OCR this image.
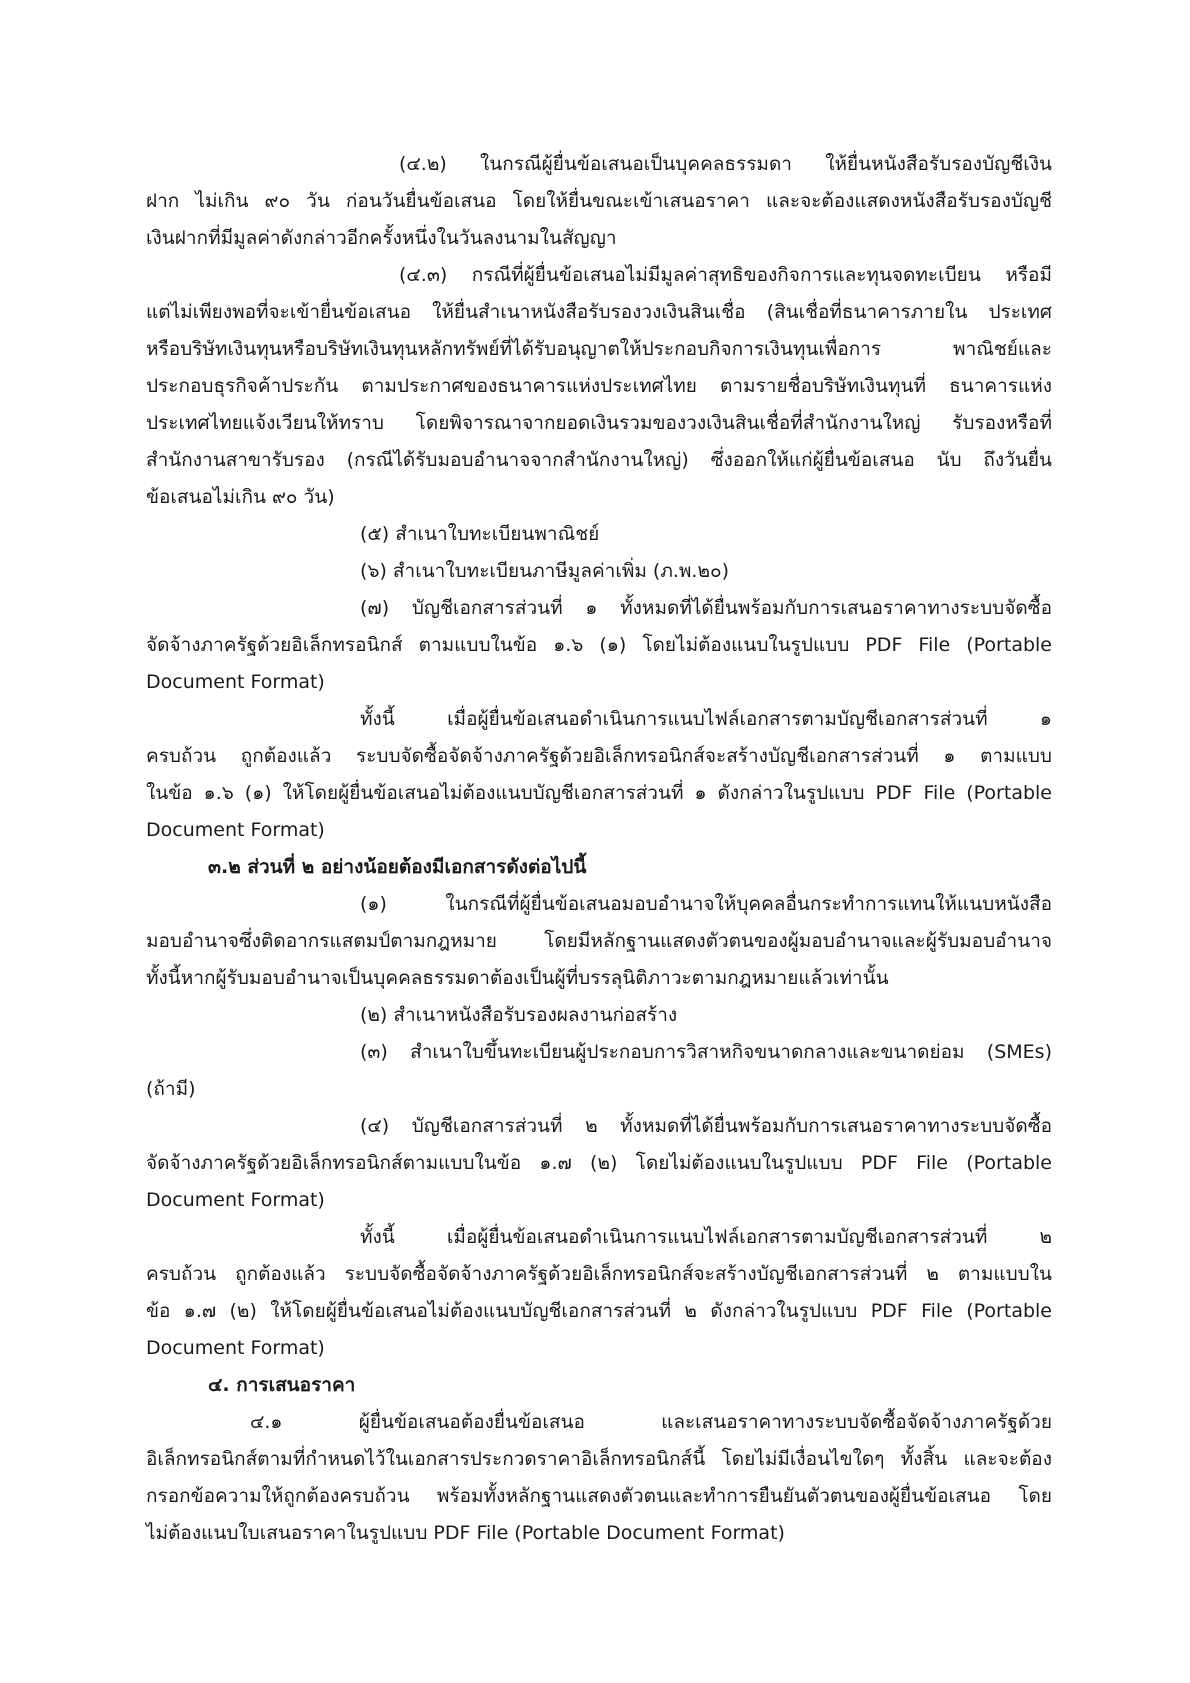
(๔.๒) ในกรณีผู้ยื่นข้อเสนอเป็นบุคคลธรรมดา ให้ยื่นหนังสือรับรองบัญชีเงิน
ฝาก ไม่เกิน ๙๐ วัน ก่อนวันยื่นข้อเสนอ โดยให้ยื่นขณะเข้าเสนอราคา และจะต้องแสดงหนังสือรับรองบัญชี
เงินฝากที่มีมูลค่าดังกล่าวอีกครั้งหนึ่งในวันลงนามในสัญญา
(๔.๓) กรณีที่ผู้ยื่นข้อเสนอไม่มีมูลค่าสุทธิของกิจการและทุนจดทะเบียน หรือมี
แต่ไม่เพียงพอที่จะเข้ายื่นข้อเสนอ ให้ยื่นสำเนาหนังสือรับรองวงเงินสินเชื่อ (สินเชื่อที่ธนาคารภายใน ประเทศ
หรือบริษัทเงินทุนหรือบริษัทเงินทุนหลักทรัพย์ที่ได้รับอนุญาตให้ประกอบกิจการเงินทุนเพื่อการ พาณิชย์และ
ประกอบธุรกิจค้าประกัน ตามประกาศของธนาคารแห่งประเทศไทย ตามรายชื่อบริษัทเงินทุนที่ ธนาคารแห่ง
ประเทศไทยแจ้งเวียนให้ทราบ โดยพิจารณาจากยอดเงินรวมของวงเงินสินเชื่อที่สำนักงานใหญ่ รับรองหรือที่
สำนักงานสาขารับรอง (กรณีได้รับมอบอำนาจจากสำนักงานใหญ่) ซึ่งออกให้แก่ผู้ยื่นข้อเสนอ นับ ถึงวันยื่น
ข้อเสนอไม่เกิน ๙๐ วัน)
(๕) สำเนาใบทะเบียนพาณิชย์
(๖) สำเนาใบทะเบียนภาษีมูลค่าเพิ่ม (ภ.พ.๒๐)
(๗) บัญชีเอกสารส่วนที่ ๑ ทั้งหมดที่ได้ยื่นพร้อมกับการเสนอราคาทางระบบจัดซื้อ
จัดจ้างภาครัฐด้วยอิเล็กทรอนิกส์ ตามแบบในข้อ ๑.๖ (๑) โดยไม่ต้องแนบในรูปแบบ PDF File (Portable
Document Format)
ทั้งนี้ เมื่อผู้ยื่นข้อเสนอดำเนินการแนบไฟล์เอกสารตามบัญชีเอกสารส่วนที่ ๑
ครบถ้วน ถูกต้องแล้ว ระบบจัดซื้อจัดจ้างภาครัฐด้วยอิเล็กทรอนิกส์จะสร้างบัญชีเอกสารส่วนที่ ๑ ตามแบบ
ในข้อ ๑.๖ (๑) ให้โดยผู้ยื่นข้อเสนอไม่ต้องแนบบัญชีเอกสารส่วนที่ ๑ ดังกล่าวในรูปแบบ PDF File (Portable
Document Format)
๓.๒ ส่วนที่ ๒ อย่างน้อยต้องมีเอกสารดังต่อไปนี้
(๑) ในกรณีที่ผู้ยื่นข้อเสนอมอบอำนาจให้บุคคลอื่นกระทำการแทนให้แนบหนังสือ
มอบอำนาจซึ่งติดอากรแสตมป์ตามกฎหมาย โดยมีหลักฐานแสดงตัวตนของผู้มอบอำนาจและผู้รับมอบอำนาจ
ทั้งนี้หากผู้รับมอบอำนาจเป็นบุคคลธรรมดาต้องเป็นผู้ที่บรรลุนิติภาวะตามกฎหมายแล้วเท่านั้น
(๒) สำเนาหนังสือรับรองผลงานก่อสร้าง
(๓) สำเนาใบขึ้นทะเบียนผู้ประกอบการวิสาหกิจขนาดกลางและขนาดย่อม (SMEs)
(ถ้ามี)
(๔) บัญชีเอกสารส่วนที่ ๒ ทั้งหมดที่ได้ยื่นพร้อมกับการเสนอราคาทางระบบจัดซื้อ
จัดจ้างภาครัฐด้วยอิเล็กทรอนิกส์ตามแบบในข้อ ๑.๗ (๒) โดยไม่ต้องแนบในรูปแบบ PDF File (Portable
Document Format)
ทั้งนี้ เมื่อผู้ยื่นข้อเสนอดำเนินการแนบไฟล์เอกสารตามบัญชีเอกสารส่วนที่ ๒
ครบถ้วน ถูกต้องแล้ว ระบบจัดซื้อจัดจ้างภาครัฐด้วยอิเล็กทรอนิกส์จะสร้างบัญชีเอกสารส่วนที่ ๒ ตามแบบใน
ข้อ ๑.๗ (๒) ให้โดยผู้ยื่นข้อเสนอไม่ต้องแนบบัญชีเอกสารส่วนที่ ๒ ดังกล่าวในรูปแบบ PDF File (Portable
Document Format)
๔. การเสนอราคา
๔.๑ ผู้ยื่นข้อเสนอต้องยื่นข้อเสนอ และเสนอราคาทางระบบจัดซื้อจัดจ้างภาครัฐด้วย
อิเล็กทรอนิกส์ตามที่กำหนดไว้ในเอกสารประกวดราคาอิเล็กทรอนิกส์นี้ โดยไม่มีเงื่อนไขใดๆ ทั้งสิ้น และจะต้อง
กรอกข้อความให้ถูกต้องครบถ้วน พร้อมทั้งหลักฐานแสดงตัวตนและทำการยืนยันตัวตนของผู้ยื่นข้อเสนอ โดย
ไม่ต้องแนบใบเสนอราคาในรูปแบบ PDF File (Portable Document Format)
